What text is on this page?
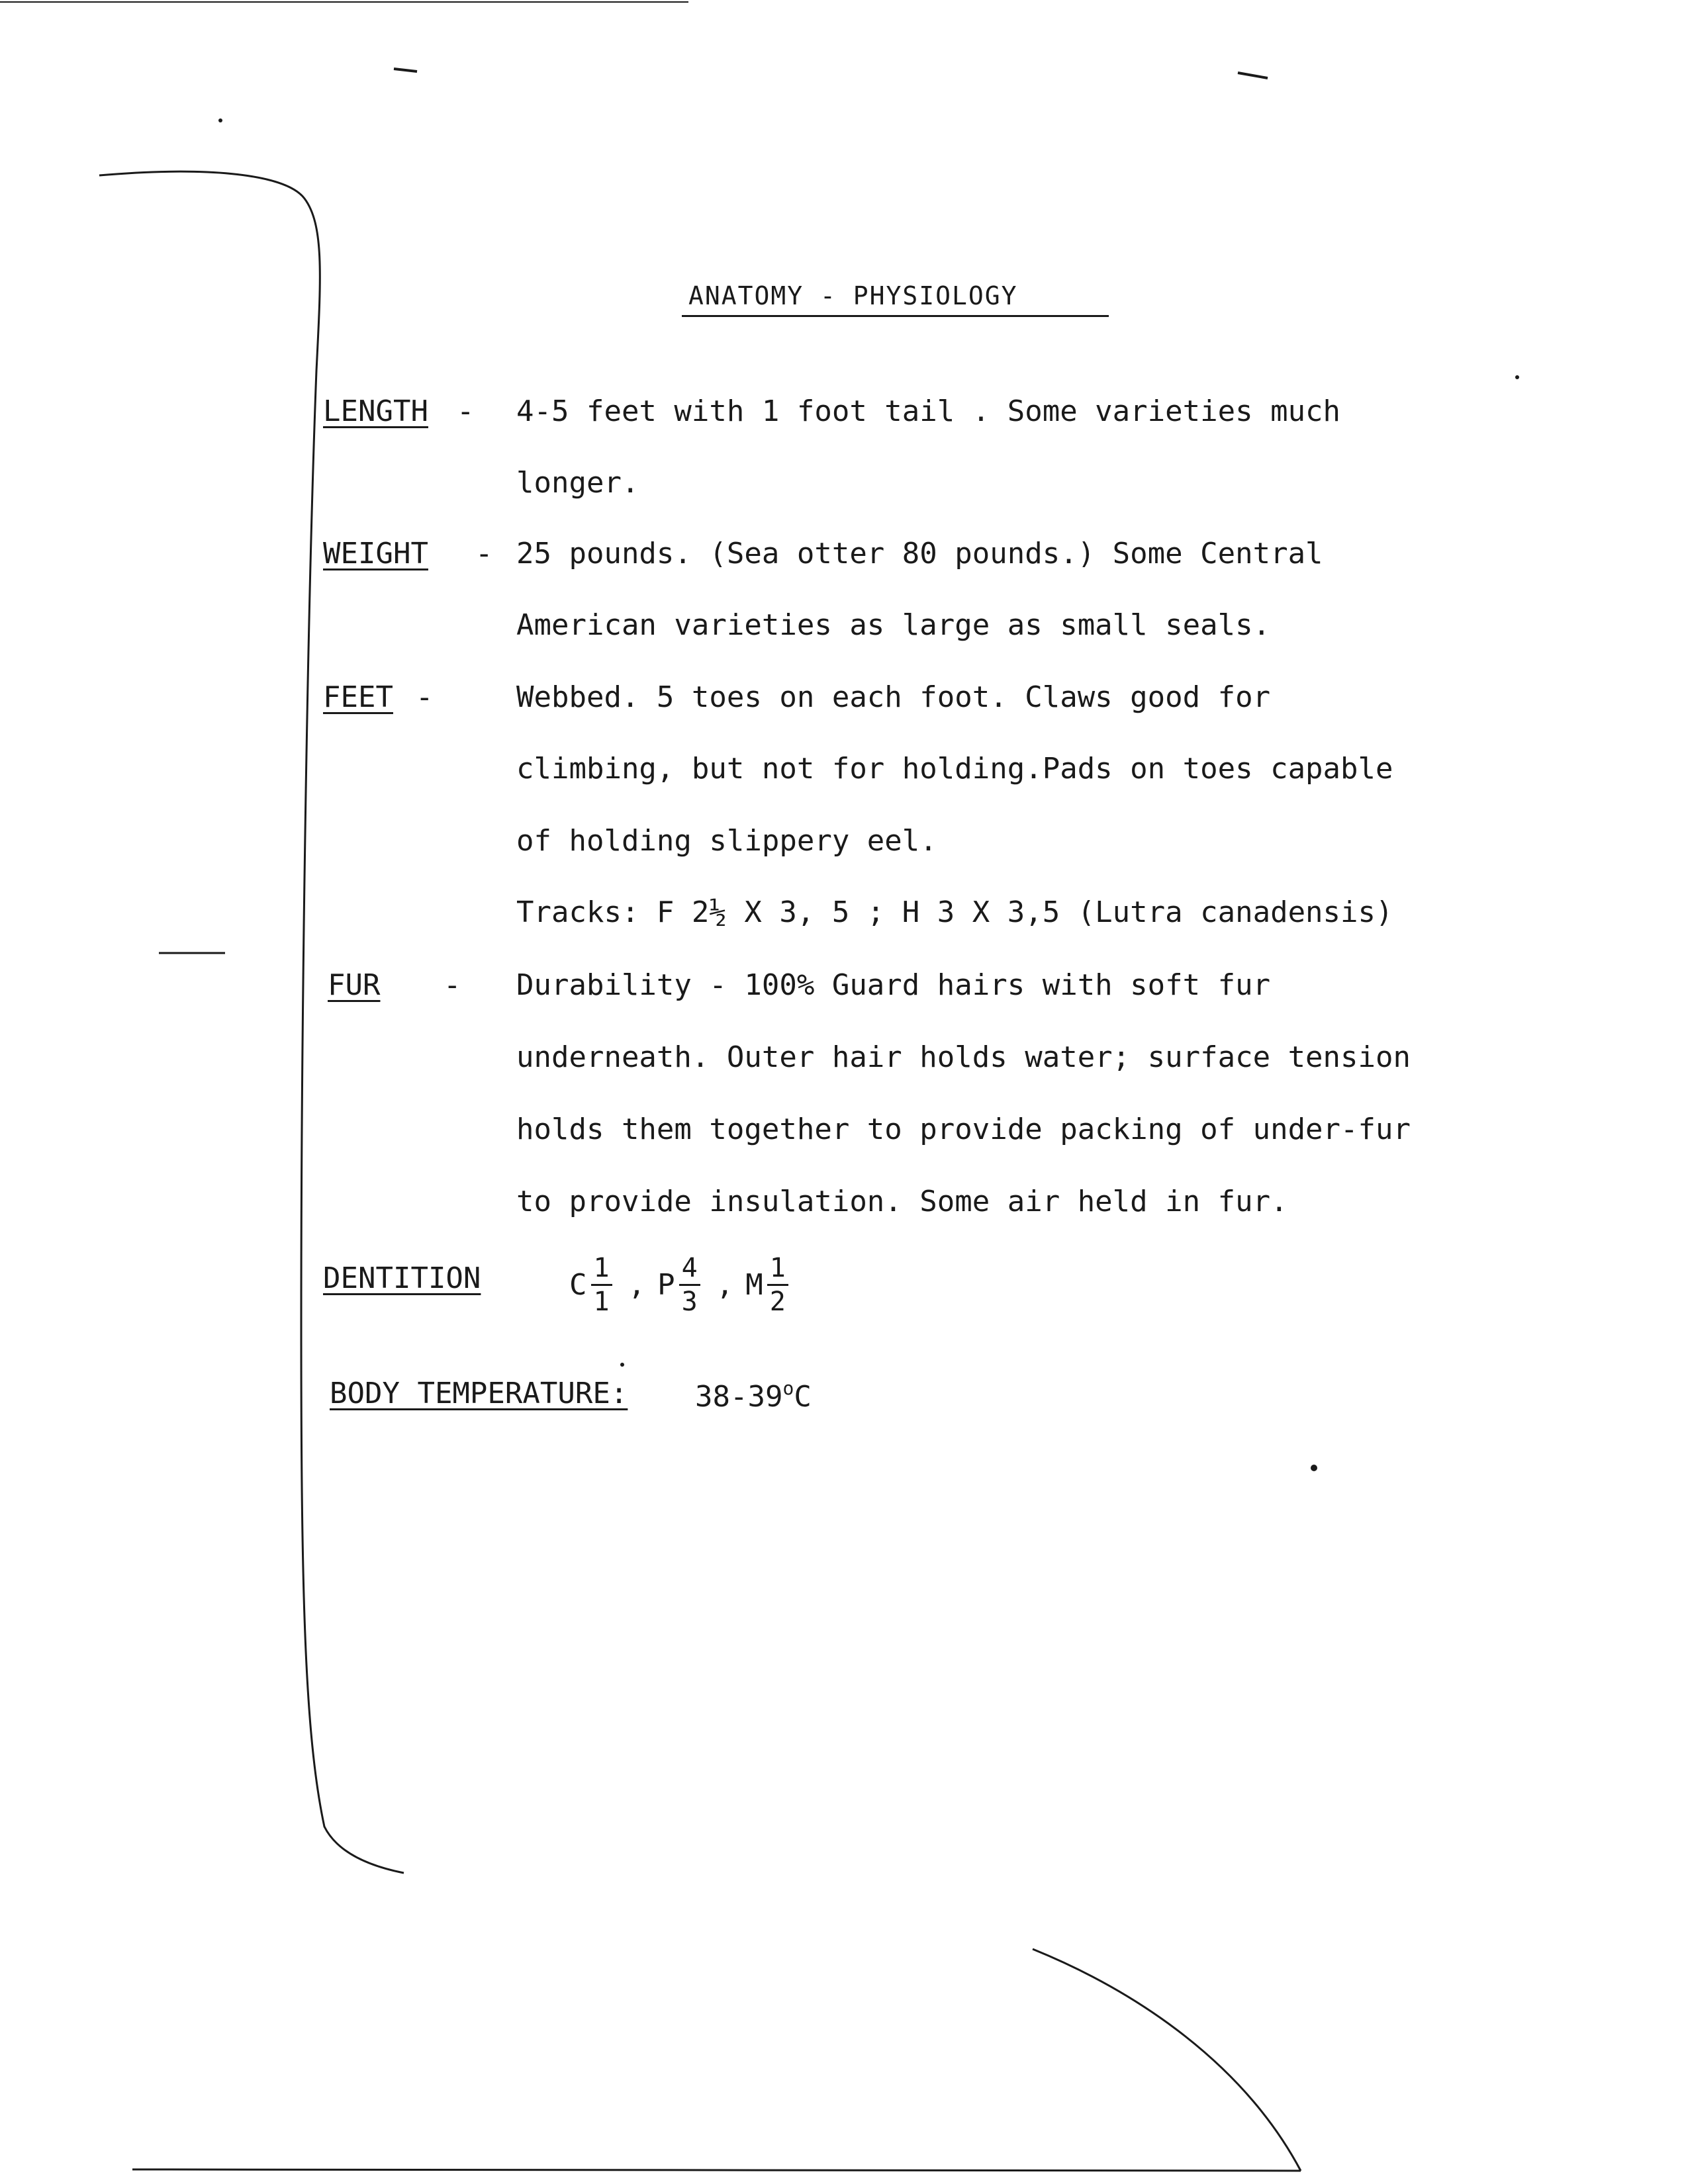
ANATOMY - PHYSIOLOGY
LENGTH - 4-5 feet with 1 foot tail . Some varieties much
longer.
WEIGHT - 25 pounds. (Sea otter 80 pounds.) Some Central
American varieties as large as small seals.
FEET -	Webbed. 5 toes on each foot. Claws good for
climbing, but not for holding.Pads on toes capable
of holding slippery eel.
Tracks: F 2½ X 3, 5 ; H 3 X 3,5 (Lutra canadensis)
FUR - Durability - 100% Guard hairs with soft fur
underneath. Outer hair holds water; surface tension
holds them together to provide packing of under-fur
to provide insulation. Some air held in fur.
DENTITION	C $\frac{1}{1}$ , P $\frac{4}{3}$ , M $\frac{1}{2}$
BODY TEMPERATURE: 38-39$^o$C
